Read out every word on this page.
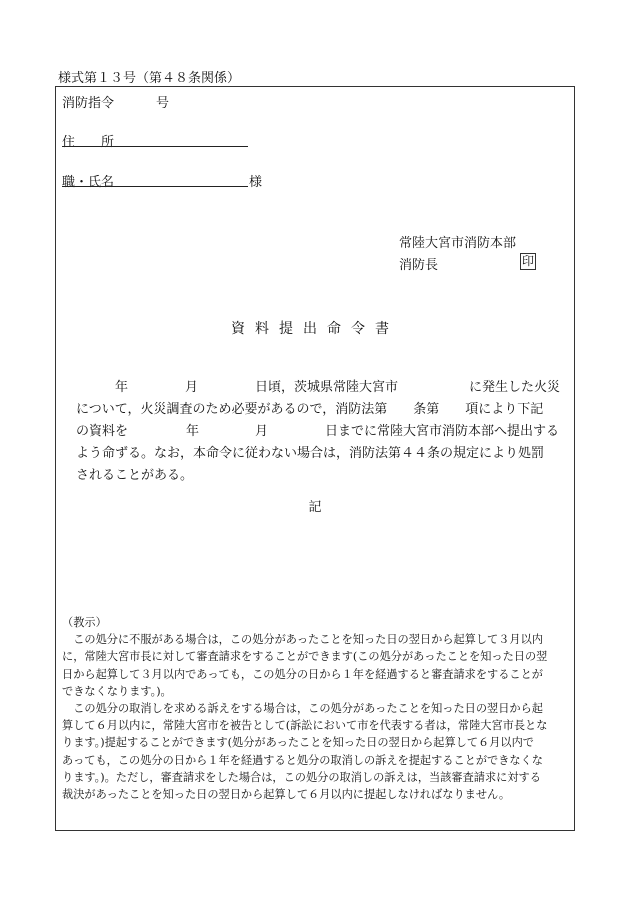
様式第１３号（第４８条関係）
消防指令	号
住　　所
職・氏名	様
常陸大宮市消防本部
消防長	印
資料提出命令書
年	月	日頃，茨城県常陸大宮市	に発生した火災
について，火災調査のため必要があるので，消防法第　　条第　　項により下記
の資料を	年	月	日までに常陸大宮市消防本部へ提出する
よう命ずる。なお，本命令に従わない場合は，消防法第４４条の規定により処罰
されることがある。
記
（教示）
　この処分に不服がある場合は，この処分があったことを知った日の翌日から起算して３月以内
に，常陸大宮市長に対して審査請求をすることができます(この処分があったことを知った日の翌
日から起算して３月以内であっても，この処分の日から１年を経過すると審査請求をすることが
できなくなります。)。
　この処分の取消しを求める訴えをする場合は，この処分があったことを知った日の翌日から起
算して６月以内に，常陸大宮市を被告として(訴訟において市を代表する者は，常陸大宮市長とな
ります。)提起することができます(処分があったことを知った日の翌日から起算して６月以内で
あっても，この処分の日から１年を経過すると処分の取消しの訴えを提起することができなくな
ります。)。ただし，審査請求をした場合は，この処分の取消しの訴えは，当該審査請求に対する
裁決があったことを知った日の翌日から起算して６月以内に提起しなければなりません。
